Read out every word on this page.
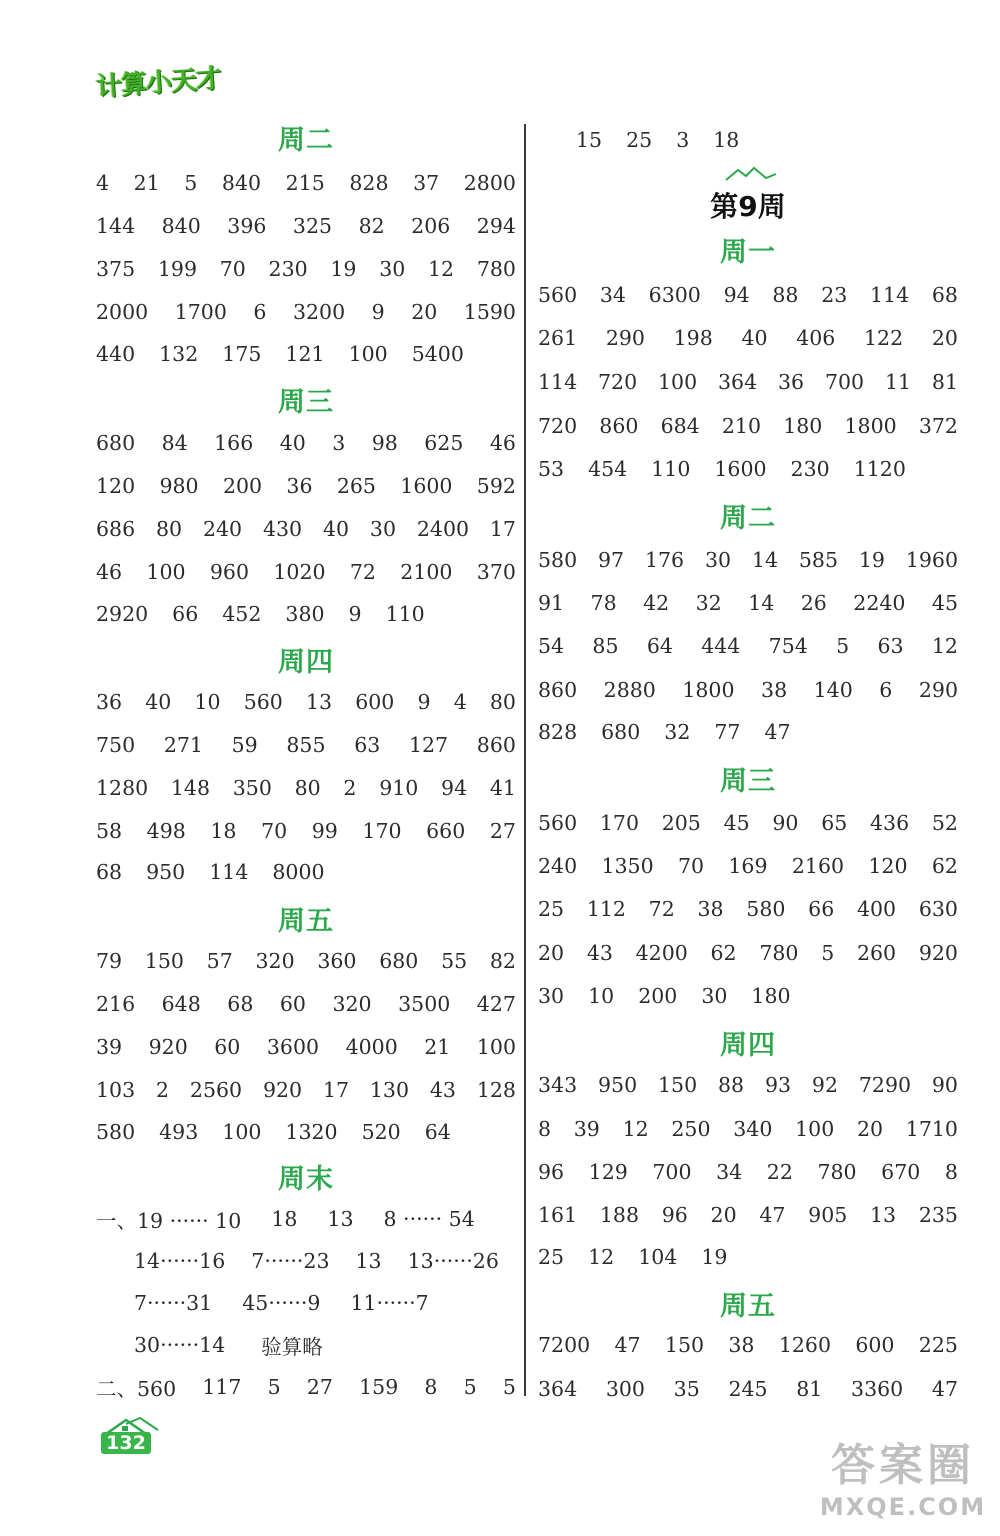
计算小天才
周二
4 21 5 840 215 828 37 2800
144 840 396 325 82 206 294
375 199 70 230 19 30 12 780
2000 1700 6 3200 9 20 1590
440 132 175 121 100 5400
周三
680 84 166 40 3 98 625 46
120 980 200 36 265 1600 592
686 80 240 430 40 30 2400 17
46 100 960 1020 72 2100 370
2920 66 452 380 9 110
周四
36 40 10 560 13 600 9 4 80
750 271 59 855 63 127 860
1280 148 350 80 2 910 94 41
58 498 18 70 99 170 660 27
68 950 114 8000
周五
79 150 57 320 360 680 55 82
216 648 68 60 320 3500 427
39 920 60 3600 4000 21 100
103 2 2560 920 17 130 43 128
580 493 100 1320 520 64
周末
一、19 ······ 10 18 13 8 ······ 54
14······16 7······23 13 13······26
7······31 45······9 11······7
30······14 验算略
二、560 117 5 27 159 8 5 5
15 25 3 18
第9周
周一
560 34 6300 94 88 23 114 68
261 290 198 40 406 122 20
114 720 100 364 36 700 11 81
720 860 684 210 180 1800 372
53 454 110 1600 230 1120
周二
580 97 176 30 14 585 19 1960
91 78 42 32 14 26 2240 45
54 85 64 444 754 5 63 12
860 2880 1800 38 140 6 290
828 680 32 77 47
周三
560 170 205 45 90 65 436 52
240 1350 70 169 2160 120 62
25 112 72 38 580 66 400 630
20 43 4200 62 780 5 260 920
30 10 200 30 180
周四
343 950 150 88 93 92 7290 90
8 39 12 250 340 100 20 1710
96 129 700 34 22 780 670 8
161 188 96 20 47 905 13 235
25 12 104 19
周五
7200 47 150 38 1260 600 225
364 300 35 245 81 3360 47
132	答案圈
MXQE.COM
